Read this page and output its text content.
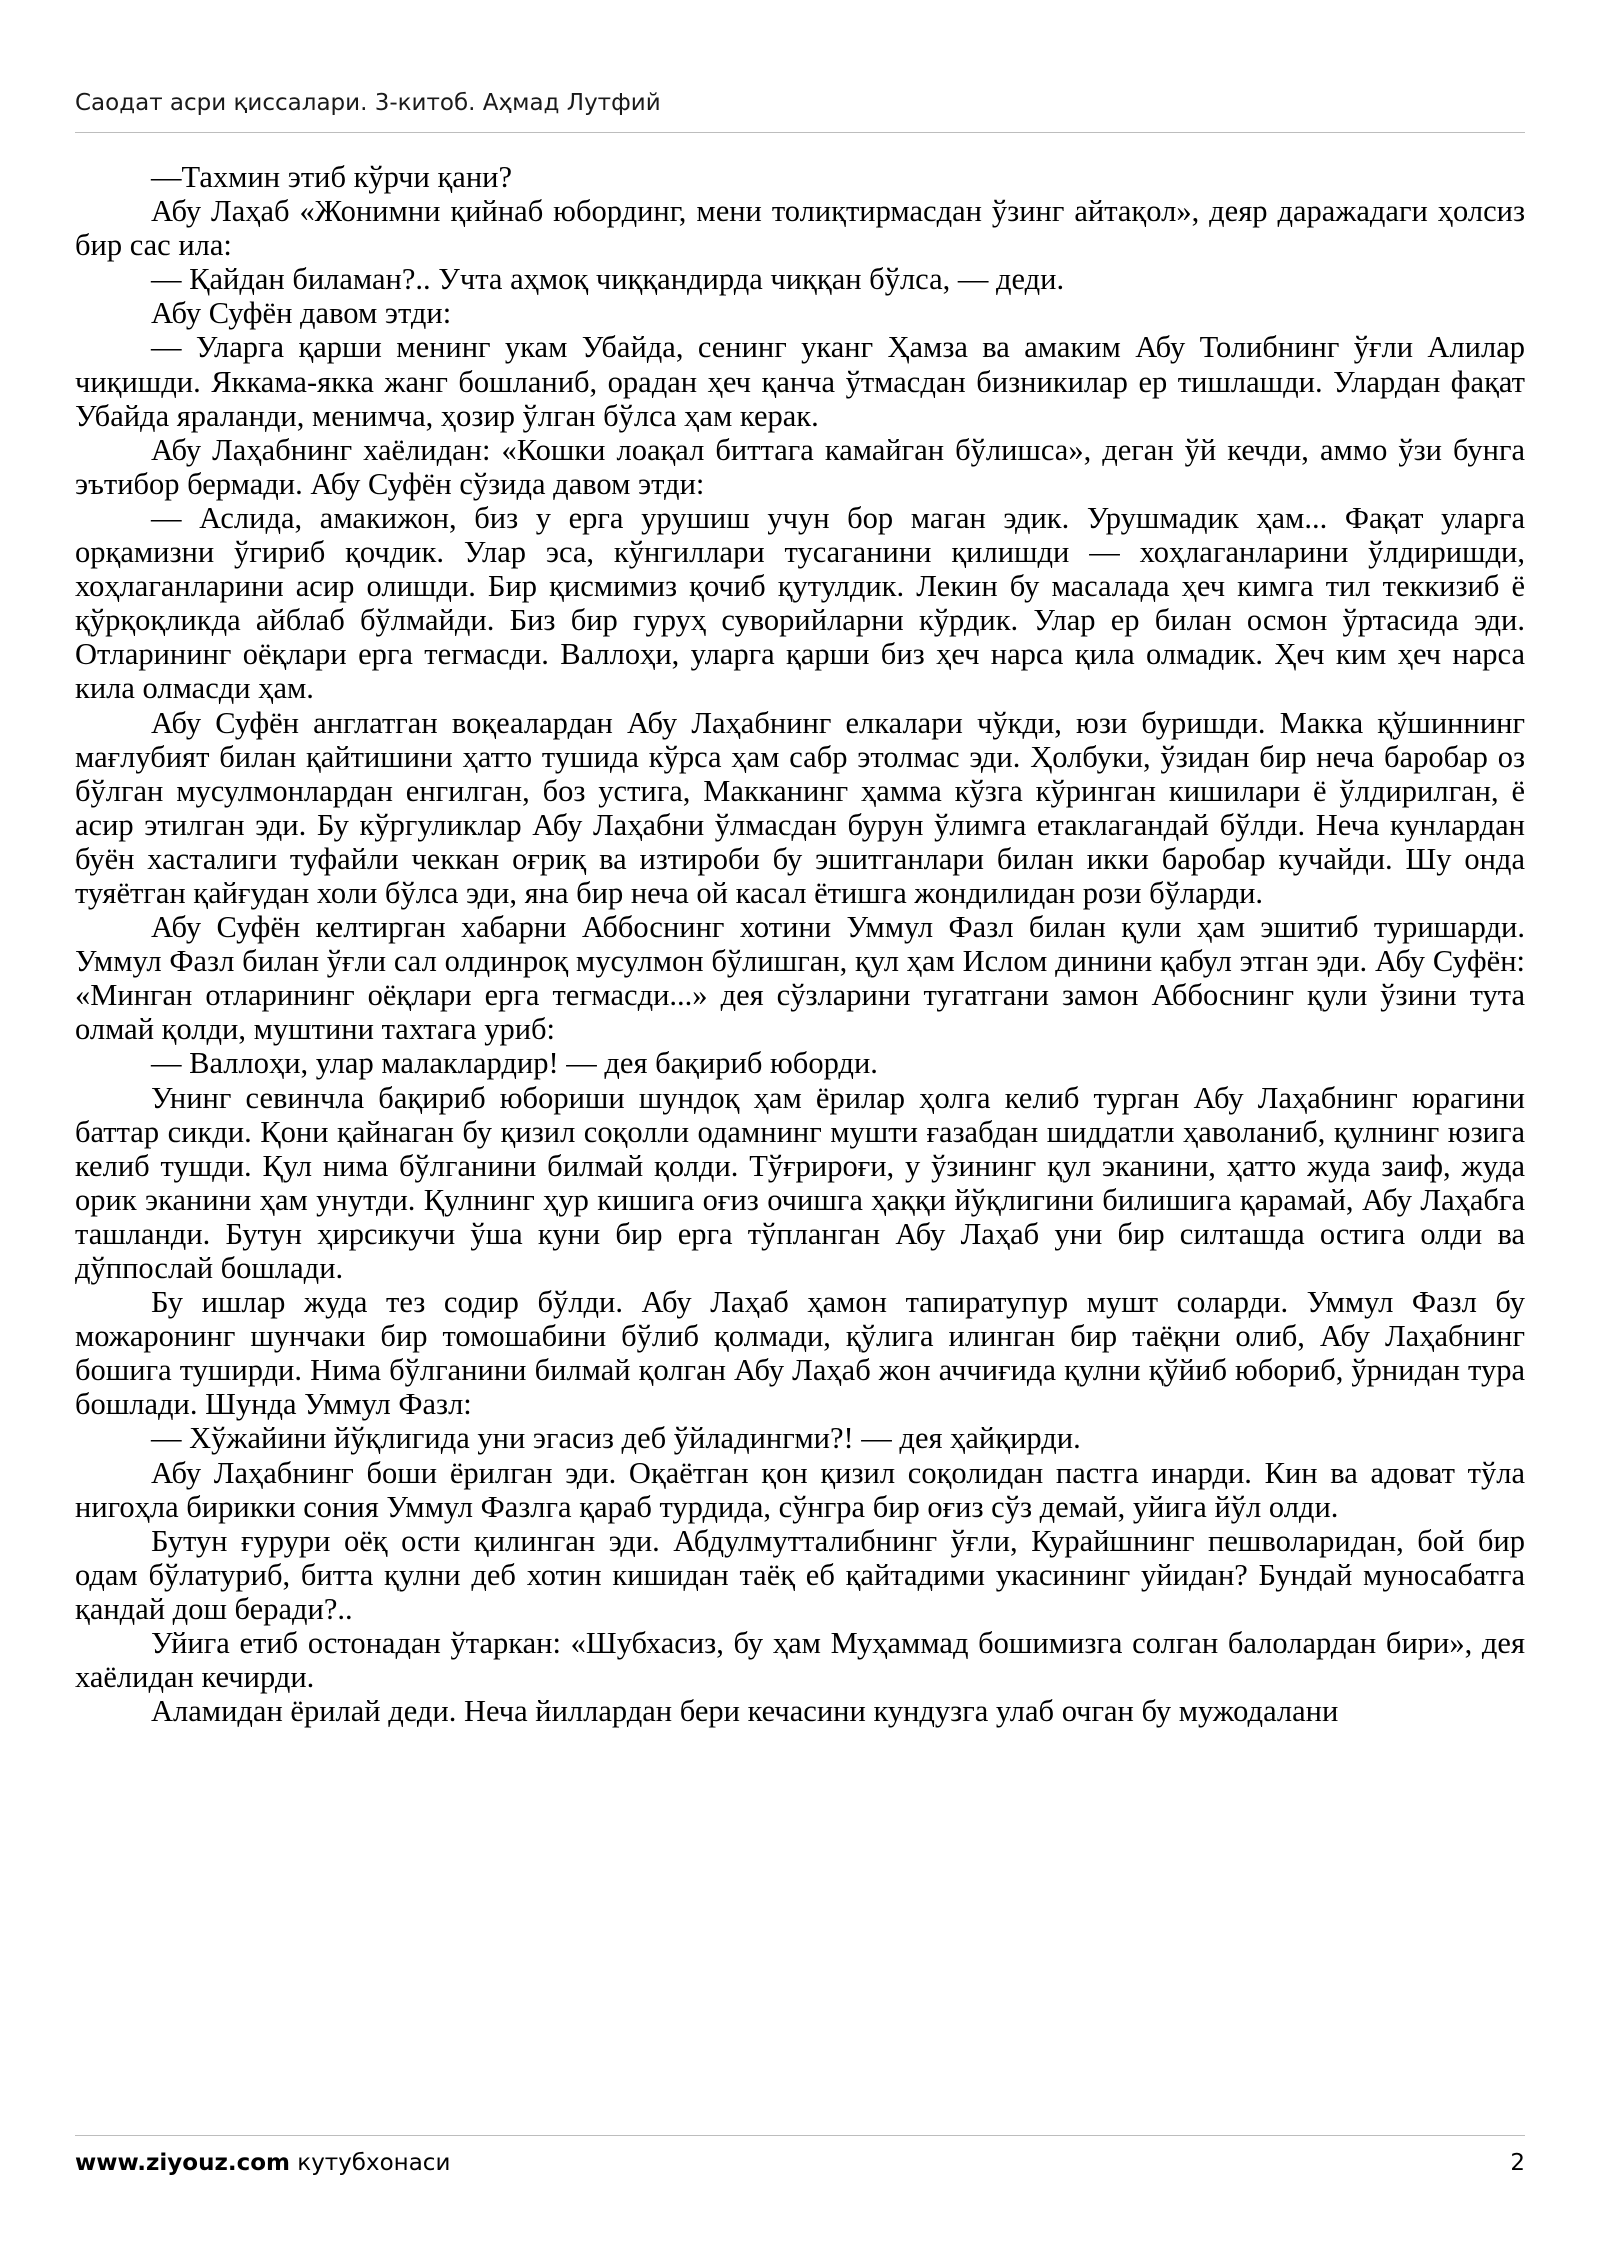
Саодат асри қиссалари. 3-китоб. Аҳмад Лутфий

—Тахмин этиб кўрчи қани?

Абу Лаҳаб «Жонимни қийнаб юбординг, мени толиқтирмасдан ўзинг айтақол», деяр даражадаги ҳолсиз бир сас ила:

— Қайдан биламан?.. Учта аҳмоқ чиққандирда чиққан бўлса, — деди.

Абу Суфён давом этди:

— Уларга қарши менинг укам Убайда, сенинг уканг Ҳамза ва амаким Абу Толибнинг ўғли Алилар чиқишди. Яккама-якка жанг бошланиб, орадан ҳеч қанча ўтмасдан бизникилар ер тишлашди. Улардан фақат Убайда яраланди, менимча, ҳозир ўлган бўлса ҳам керак.

Абу Лаҳабнинг хаёлидан: «Кошки лоақал биттага камайган бўлишса», деган ўй кечди, аммо ўзи бунга эътибор бермади. Абу Суфён сўзида давом этди:

— Аслида, амакижон, биз у ерга урушиш учун бор маган эдик. Урушмадик ҳам... Фақат уларга орқамизни ўгириб қочдик. Улар эса, кўнгиллари тусаганини қилишди — хоҳлаганларини ўлдиришди, хоҳлаганларини асир олишди. Бир қисмимиз қочиб қутулдик. Лекин бу масалада ҳеч кимга тил теккизиб ё қўрқоқликда айблаб бўлмайди. Биз бир гуруҳ суворийларни кўрдик. Улар ер билан осмон ўртасида эди. Отларининг оёқлари ерга тегмасди. Валлоҳи, уларга қарши биз ҳеч нарса қила олмадик. Ҳеч ким ҳеч нарса кила олмасди ҳам.

Абу Суфён англатган воқеалардан Абу Лаҳабнинг елкалари чўкди, юзи буришди. Макка қўшиннинг мағлубият билан қайтишини ҳатто тушида кўрса ҳам сабр этолмас эди. Ҳолбуки, ўзидан бир неча баробар оз бўлган мусулмонлардан енгилган, боз устига, Макканинг ҳамма кўзга кўринган кишилари ё ўлдирилган, ё асир этилган эди. Бу кўргуликлар Абу Лаҳабни ўлмасдан бурун ўлимга етаклагандай бўлди. Неча кунлардан буён хасталиги туфайли чеккан оғриқ ва изтироби бу эшитганлари билан икки баробар кучайди. Шу онда туяётган қайғудан холи бўлса эди, яна бир неча ой касал ётишга жондилидан рози бўларди.

Абу Суфён келтирган хабарни Аббоснинг хотини Уммул Фазл билан қули ҳам эшитиб туришарди. Уммул Фазл билан ўғли сал олдинроқ мусулмон бўлишган, қул ҳам Ислом динини қабул этган эди. Абу Суфён: «Минган отларининг оёқлари ерга тегмасди...» дея сўзларини тугатгани замон Аббоснинг қули ўзини тута олмай қолди, муштини тахтага уриб:

— Валлоҳи, улар малаклардир! — дея бақириб юборди.

Унинг севинчла бақириб юбориши шундоқ ҳам ёрилар ҳолга келиб турган Абу Лаҳабнинг юрагини баттар сикди. Қони қайнаган бу қизил соқолли одамнинг мушти ғазабдан шиддатли ҳаволаниб, қулнинг юзига келиб тушди. Қул нима бўлганини билмай қолди. Тўғрироғи, у ўзининг қул эканини, ҳатто жуда заиф, жуда орик эканини ҳам унутди. Қулнинг ҳур кишига оғиз очишга ҳаққи йўқлигини билишига қарамай, Абу Лаҳабга ташланди. Бутун ҳирсикучи ўша куни бир ерга тўпланган Абу Лаҳаб уни бир силташда остига олди ва дўппослай бошлади.

Бу ишлар жуда тез содир бўлди. Абу Лаҳаб ҳамон тапиратупур мушт соларди. Уммул Фазл бу можаронинг шунчаки бир томошабини бўлиб қолмади, қўлига илинган бир таёқни олиб, Абу Лаҳабнинг бошига туширди. Нима бўлганини билмай қолган Абу Лаҳаб жон аччиғида қулни қўйиб юбориб, ўрнидан тура бошлади. Шунда Уммул Фазл:

— Хўжайини йўқлигида уни эгасиз деб ўйладингми?! — дея ҳайқирди.

Абу Лаҳабнинг боши ёрилган эди. Оқаётган қон қизил соқолидан пастга инарди. Кин ва адоват тўла нигоҳла бирикки сония Уммул Фазлга қараб турдида, сўнгра бир оғиз сўз демай, уйига йўл олди.

Бутун ғурури оёқ ости қилинган эди. Абдулмутталибнинг ўғли, Курайшнинг пешволаридан, бой бир одам бўлатуриб, битта қулни деб хотин кишидан таёқ еб қайтадими укасининг уйидан? Бундай муносабатга қандай дош беради?..

Уйига етиб остонадан ўтаркан: «Шубхасиз, бу ҳам Муҳаммад бошимизга солган балолардан бири», дея хаёлидан кечирди.

Аламидан ёрилай деди. Неча йиллардан бери кечасини кундузга улаб очган бу мужодалани

www.ziyouz.com кутубхонаси	2
